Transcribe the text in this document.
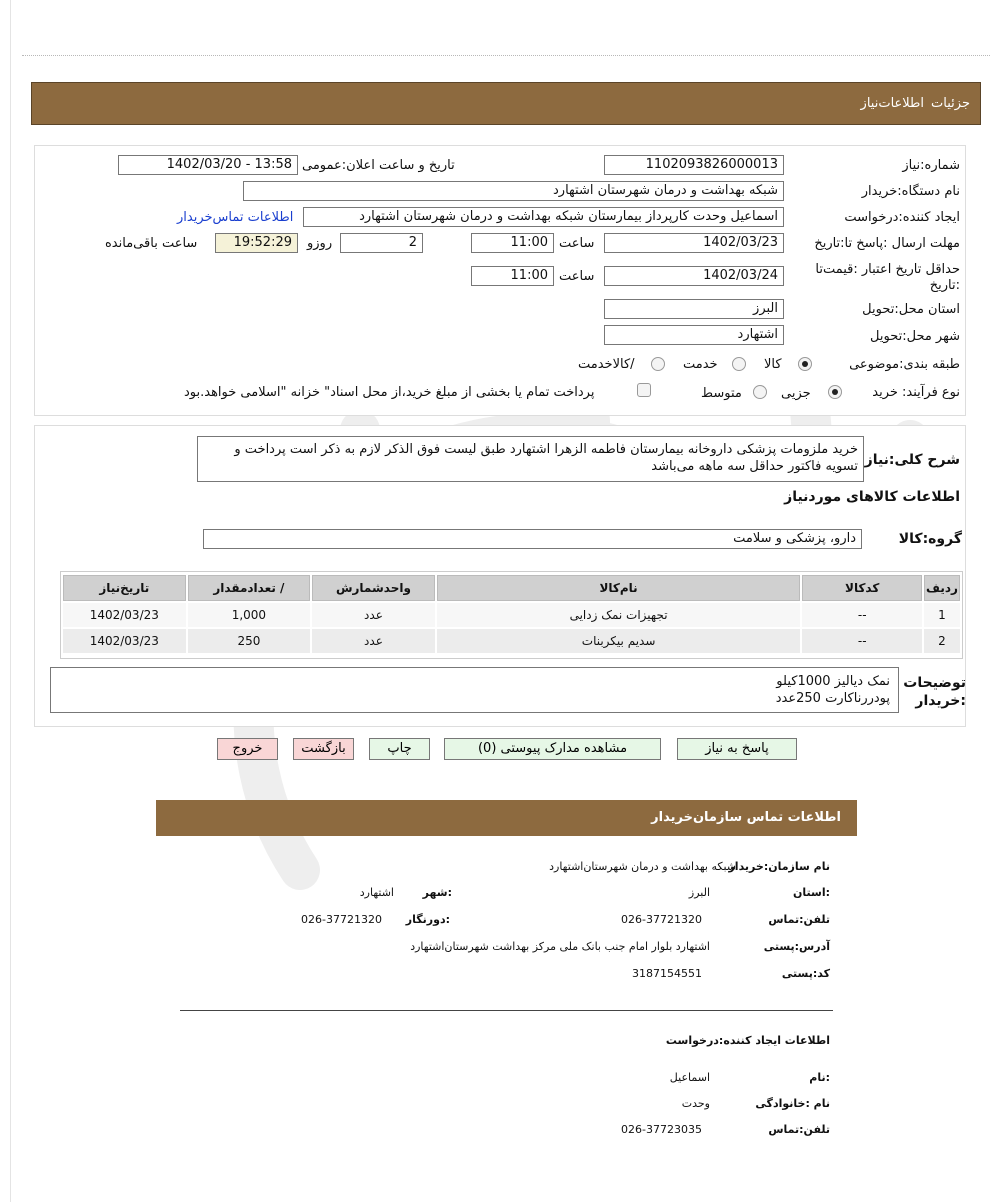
جزئیات
اطلاعات‌نیاز
شماره:نیاز
1102093826000013
تاریخ و ساعت اعلان:عمومی
1402/03/20 - 13:58
نام دستگاه:خریدار
شبکه بهداشت و درمان شهرستان اشتهارد
ایجاد کننده:درخواست
اسماعیل وحدت کارپرداز بیمارستان شبکه بهداشت و درمان شهرستان اشتهارد
اطلاعات تماس‌خریدار
مهلت ارسال :پاسخ تا:تاریخ
1402/03/23
ساعت
11:00
2
روزو
19:52:29
ساعت باقی‌مانده
حداقل تاریخ اعتبار :قیمت‌تا :تاریخ
1402/03/24
ساعت
11:00
استان محل:تحویل
البرز
شهر محل:تحویل
اشتهارد
طبقه بندی:موضوعی
کالا
خدمت
/کالاخدمت
نوع فرآیند: خرید
جزیی
متوسط
پرداخت تمام یا بخشی از مبلغ خرید،از محل اسناد" خزانه "اسلامی خواهد.بود
شرح کلی:نیاز
خرید ملزومات پزشکی داروخانه بیمارستان فاطمه الزهرا اشتهارد طبق لیست فوق الذکر لازم به ذکر است پرداخت و تسویه فاکتور حداقل سه ماهه می‌باشد
اطلاعات کالاهای موردنیاز
گروه:کالا
دارو، پزشکی و سلامت
ردیف	کدکالا	نام‌کالا	واحدشمارش	/ تعداد‌مقدار	تاریخ‌نیاز
1	--	تجهیزات نمک زدایی	عدد	1,000	1402/03/23
2	--	سدیم بیکربنات	عدد	250	1402/03/23
توضیحات :خریدار
نمک دیالیز 1000کیلو
پودررناکارت 250عدد
پاسخ به نیاز
مشاهده مدارک پیوستی (0)
چاپ
بازگشت
خروج
اطلاعات تماس سازمان‌خریدار
نام سازمان:خریدار
شبکه بهداشت و درمان شهرستان‌اشتهارد
:استان
البرز
:شهر
اشتهارد
تلفن:تماس
026-37721320
:دورنگار
026-37721320
آدرس:پستی
اشتهارد بلوار امام جنب بانک ملی مرکز بهداشت شهرستان‌اشتهارد
کد:پستی
3187154551
اطلاعات ایجاد کننده:درخواست
:نام
اسماعیل
نام :خانوادگی
وحدت
تلفن:تماس
026-37723035
